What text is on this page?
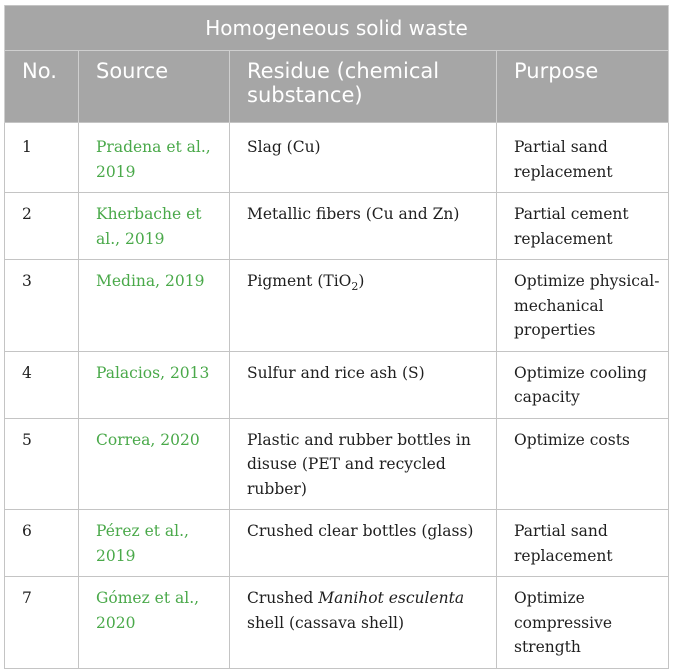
Homogeneous solid waste			
No.	Source	Residue (chemical substance)	Purpose
1	Pradena et al., 2019	Slag (Cu)	Partial sand replacement
2	Kherbache et al., 2019	Metallic fibers (Cu and Zn)	Partial cement replacement
3	Medina, 2019	Pigment (TiO$_2$)	Optimize physical-mechanical properties
4	Palacios, 2013	Sulfur and rice ash (S)	Optimize cooling capacity
5	Correa, 2020	Plastic and rubber bottles in disuse (PET and recycled rubber)	Optimize costs
6	Pérez et al., 2019	Crushed clear bottles (glass)	Partial sand replacement
7	Gómez et al., 2020	Crushed Manihot esculenta shell (cassava shell)	Optimize compressive strength
